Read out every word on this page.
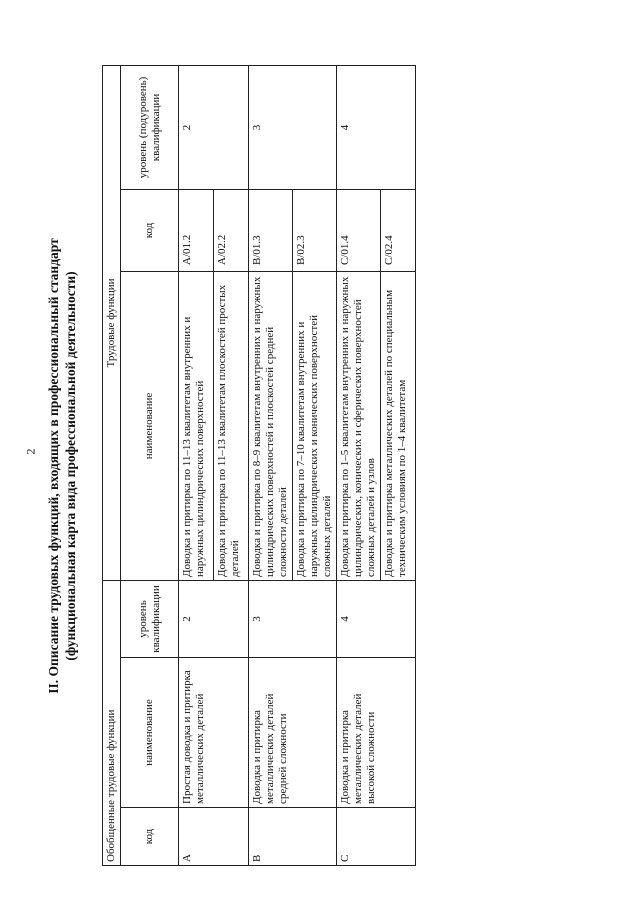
2 II. Описание трудовых функций, входящих в профессиональный стандарт (функциональная карта вида профессиональной деятельности)
Обобщенные трудовые функции			Трудовые функции		
код	наименование	уровень квалификации	наименование	код	уровень (подуровень) квалификации
A	Простая доводка и притирка металлических деталей	2	Доводка и притирка по 11–13 квалитетам внутренних и наружных цилиндрических поверхностей	A/01.2	2
			Доводка и притирка по 11–13 квалитетам плоскостей простых деталей	A/02.2	
B	Доводка и притирка металлических деталей средней сложности	3	Доводка и притирка по 8–9 квалитетам внутренних и наружных цилиндрических поверхностей и плоскостей средней сложности деталей	B/01.3	3
			Доводка и притирка по 7–10 квалитетам внутренних и наружных цилиндрических и конических поверхностей сложных деталей	B/02.3	
C	Доводка и притирка металлических деталей высокой сложности	4	Доводка и притирка по 1–5 квалитетам внутренних и наружных цилиндрических, конических и сферических поверхностей сложных деталей и узлов	C/01.4	4
			Доводка и притирка металлических деталей по специальным техническим условиям по 1–4 квалитетам	C/02.4	
